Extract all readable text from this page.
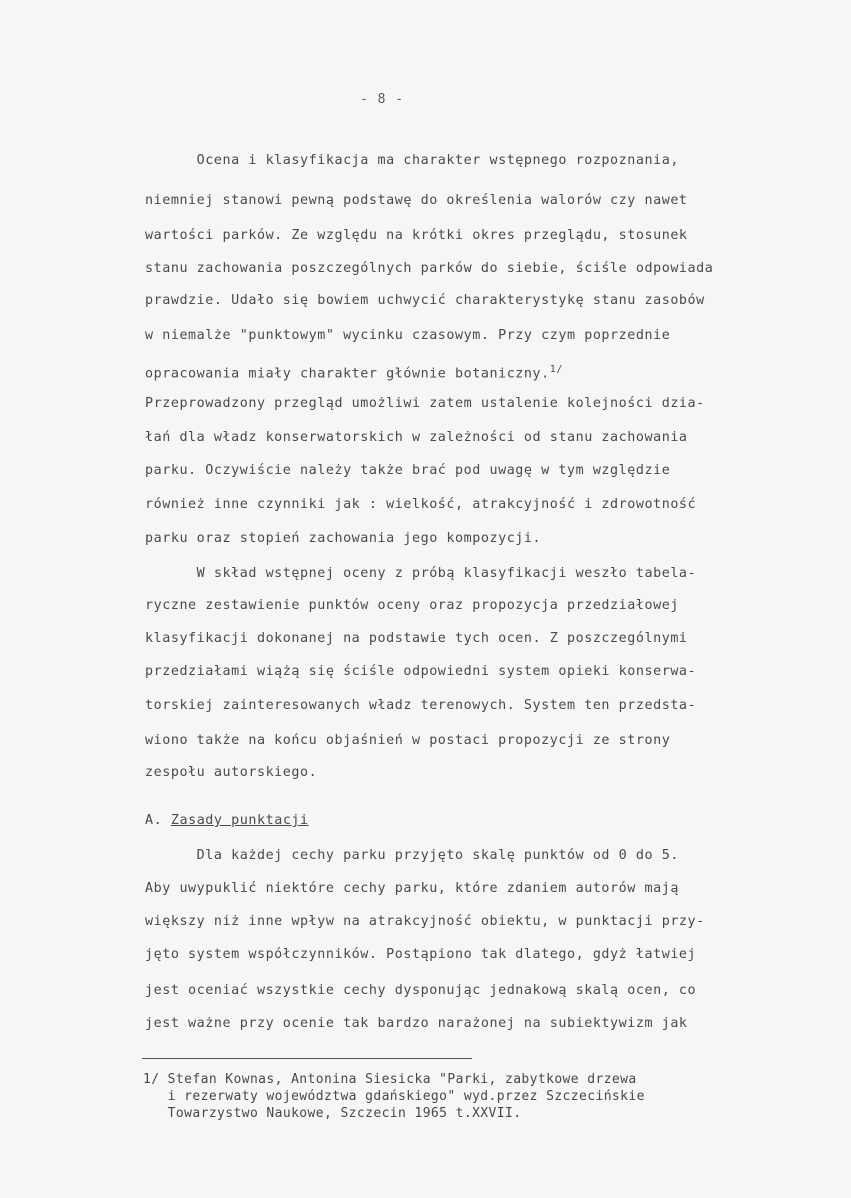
- 8 -
Ocena i klasyfikacja ma charakter wstępnego rozpoznania,
niemniej stanowi pewną podstawę do określenia walorów czy nawet
wartości parków. Ze względu na krótki okres przeglądu, stosunek
stanu zachowania poszczególnych parków do siebie, ściśle odpowiada
prawdzie. Udało się bowiem uchwycić charakterystykę stanu zasobów
w niemalże "punktowym" wycinku czasowym. Przy czym poprzednie
opracowania miały charakter głównie botaniczny.$^{1/}$
Przeprowadzony przegląd umożliwi zatem ustalenie kolejności dzia-
łań dla władz konserwatorskich w zależności od stanu zachowania
parku. Oczywiście należy także brać pod uwagę w tym względzie
również inne czynniki jak : wielkość, atrakcyjność i zdrowotność
parku oraz stopień zachowania jego kompozycji.
W skład wstępnej oceny z próbą klasyfikacji weszło tabela-
ryczne zestawienie punktów oceny oraz propozycja przedziałowej
klasyfikacji dokonanej na podstawie tych ocen. Z poszczególnymi
przedziałami wiążą się ściśle odpowiedni system opieki konserwa-
torskiej zainteresowanych władz terenowych. System ten przedsta-
wiono także na końcu objaśnień w postaci propozycji ze strony
zespołu autorskiego.
A. Zasady punktacji
Dla każdej cechy parku przyjęto skalę punktów od 0 do 5.
Aby uwypuklić niektóre cechy parku, które zdaniem autorów mają
większy niż inne wpływ na atrakcyjność obiektu, w punktacji przy-
jęto system współczynników. Postąpiono tak dlatego, gdyż łatwiej
jest oceniać wszystkie cechy dysponując jednakową skalą ocen, co
jest ważne przy ocenie tak bardzo narażonej na subiektywizm jak
1/ Stefan Kownas, Antonina Siesicka "Parki, zabytkowe drzewa
i rezerwaty województwa gdańskiego" wyd.przez Szczecińskie
Towarzystwo Naukowe, Szczecin 1965 t.XXVII.
